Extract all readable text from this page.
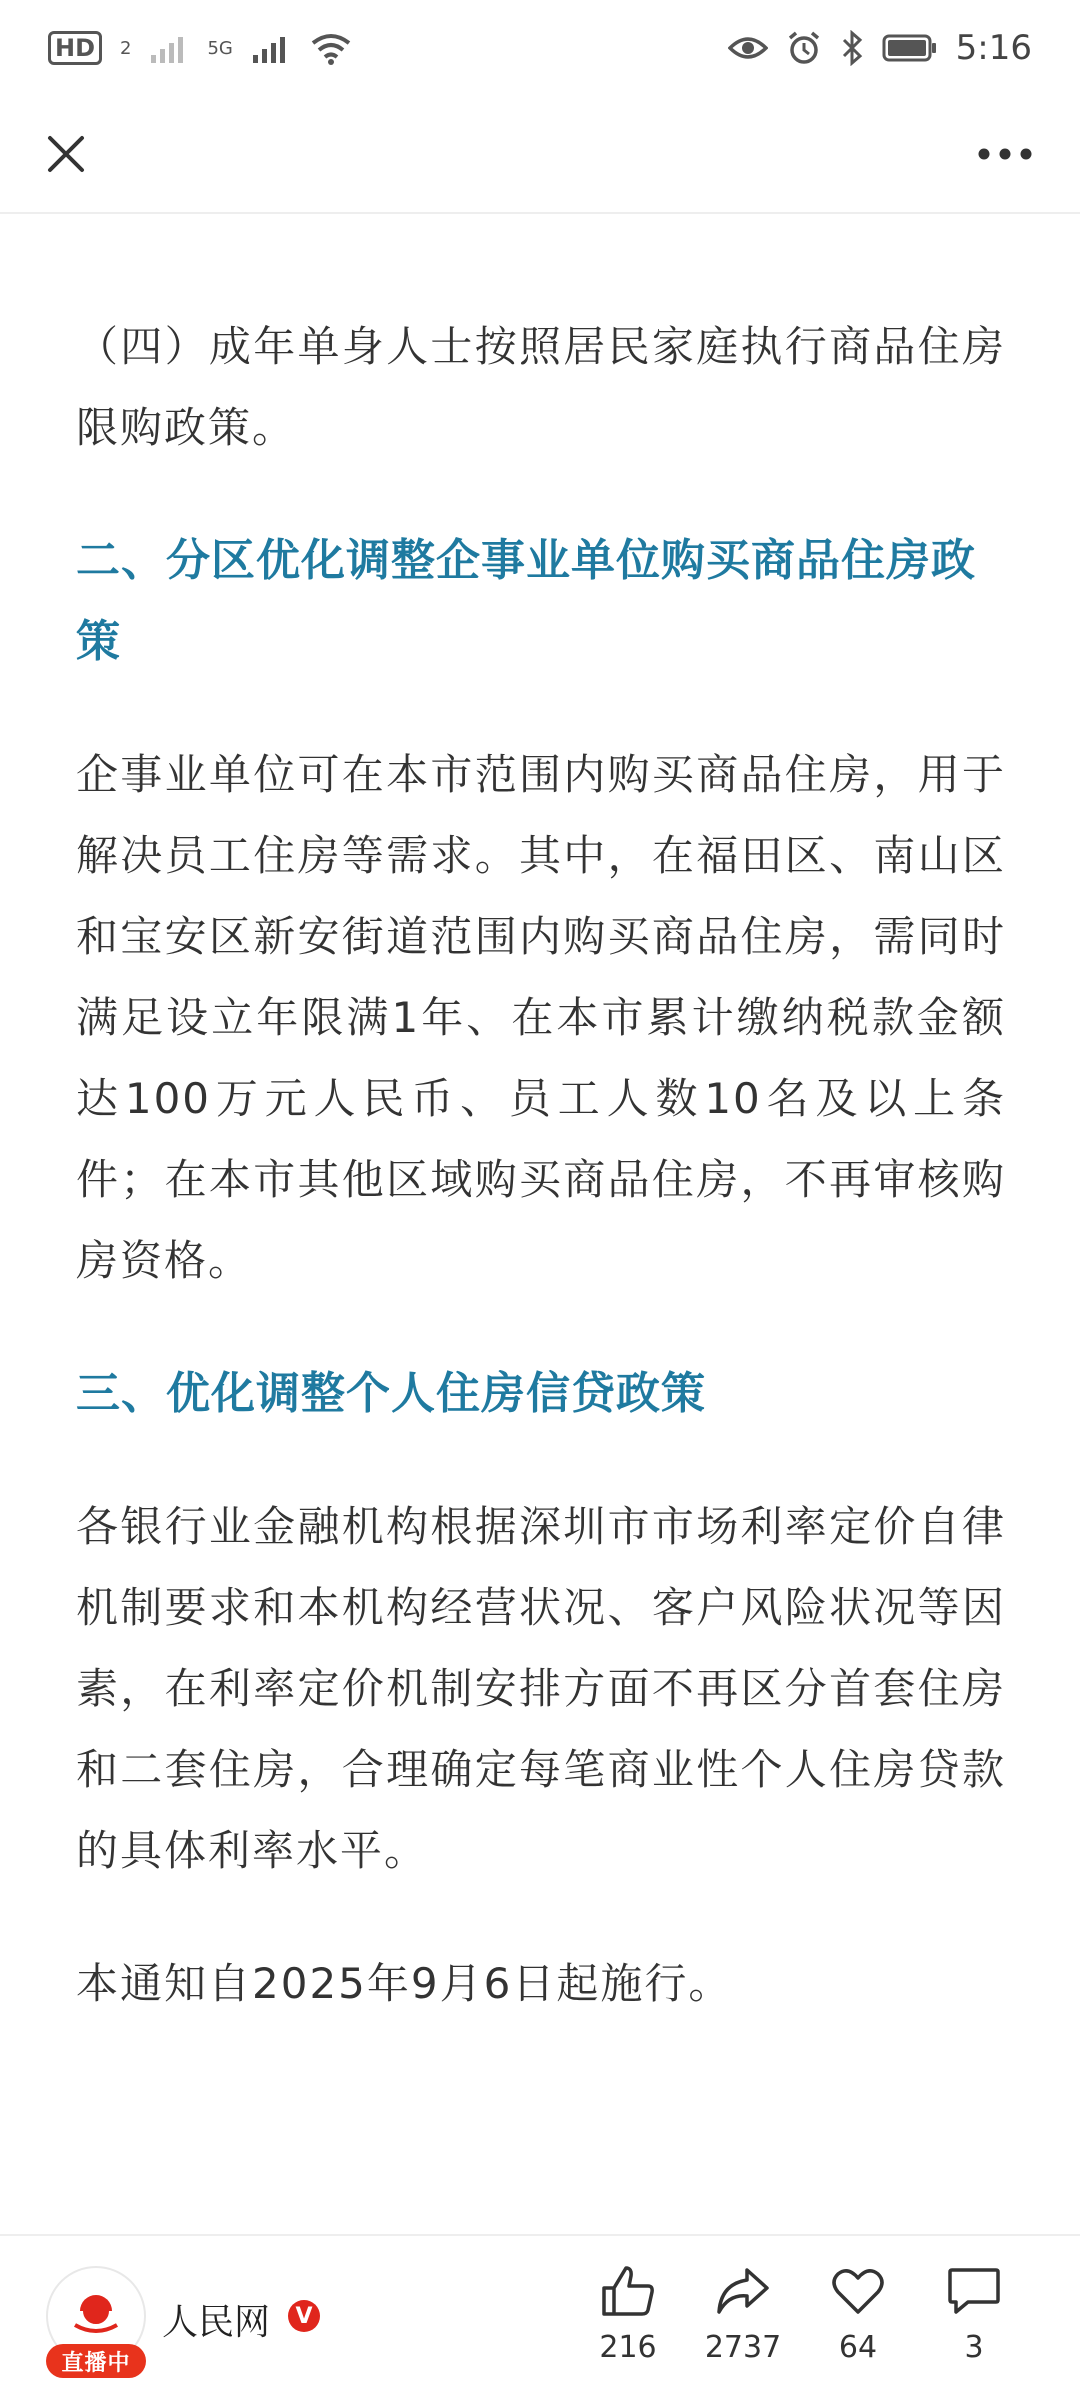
HD	2	5G	5:16

（四）成年单身人士按照居民家庭执行商品住房限购政策。

二、分区优化调整企事业单位购买商品住房政策

企事业单位可在本市范围内购买商品住房，用于解决员工住房等需求。其中，在福田区、南山区和宝安区新安街道范围内购买商品住房，需同时满足设立年限满1年、在本市累计缴纳税款金额达100万元人民币、员工人数10名及以上条件；在本市其他区域购买商品住房，不再审核购房资格。

三、优化调整个人住房信贷政策

各银行业金融机构根据深圳市市场利率定价自律机制要求和本机构经营状况、客户风险状况等因素，在利率定价机制安排方面不再区分首套住房和二套住房，合理确定每笔商业性个人住房贷款的具体利率水平。

本通知自2025年9月6日起施行。

直播中
人民网	V
216 2737 64	3
